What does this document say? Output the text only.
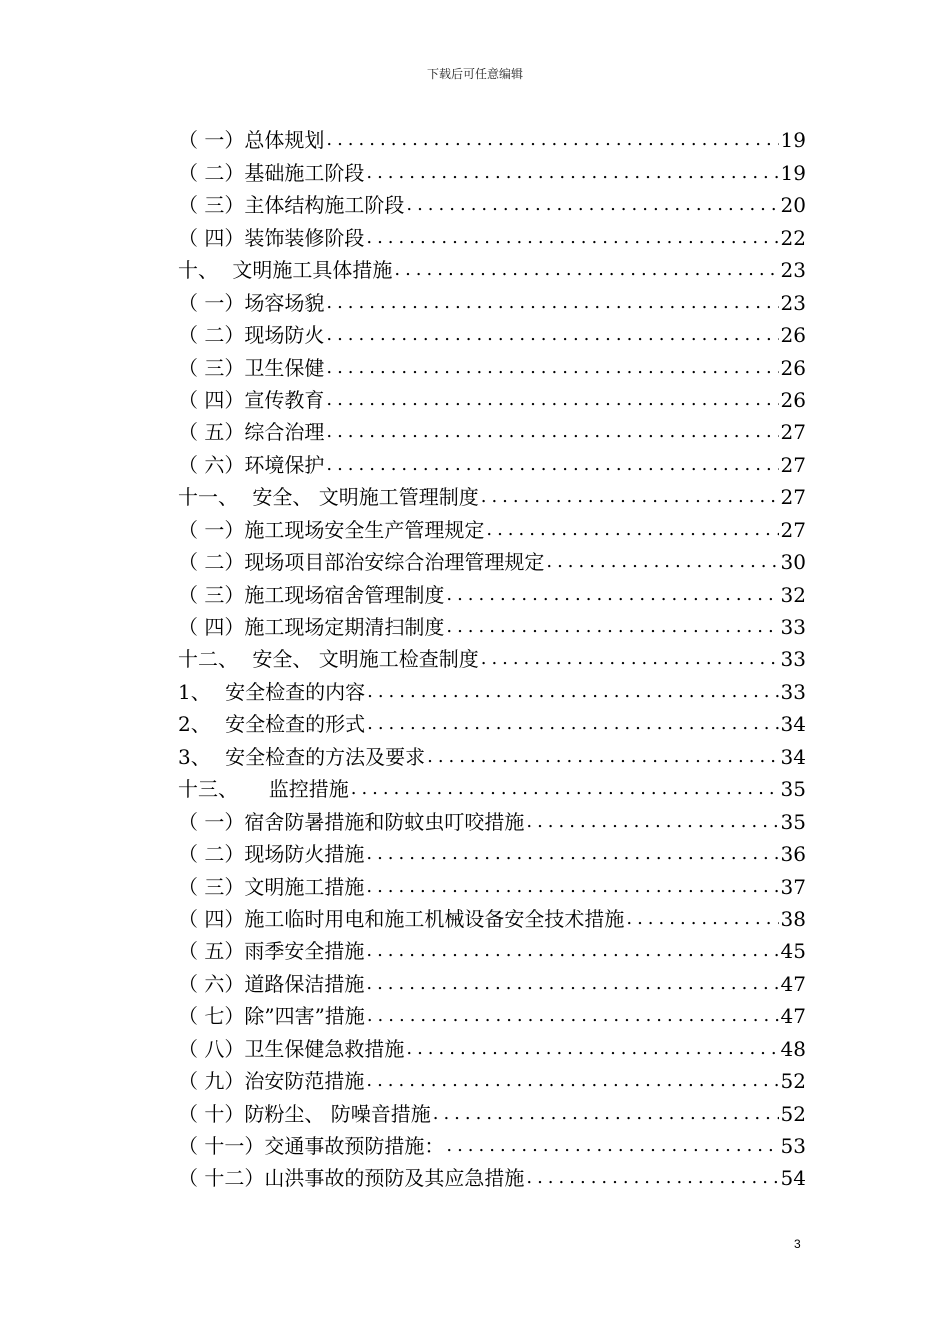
下载后可任意编辑
（ 一） 总体规划 .....	19
（ 二） 基础施工阶段 .....	19
（ 三） 主体结构施工阶段 .....	20
（ 四） 装饰装修阶段 .....	22
十、 文明施工具体措施 .....	23
（ 一） 场容场貌 .....	23
（ 二） 现场防火 .....	26
（ 三） 卫生保健 .....	26
（ 四） 宣传教育 .....	26
（ 五） 综合治理 .....	27
（ 六） 环境保护 .....	27
十一、 安全、 文明施工管理制度 .....	27
（ 一） 施工现场安全生产管理规定 .....	27
（ 二） 现场项目部治安综合治理管理规定 .....	30
（ 三） 施工现场宿舍管理制度 .....	32
（ 四） 施工现场定期清扫制度 .....	33
十二、 安全、 文明施工检查制度 .....	33
1、 安全检查的内容 .....	33
2、 安全检查的形式 .....	34
3、 安全检查的方法及要求 .....	34
十三、 监控措施 .....	35
（ 一） 宿舍防暑措施和防蚊虫叮咬措施 .....	35
（ 二） 现场防火措施 .....	36
（ 三） 文明施工措施 .....	37
（ 四） 施工临时用电和施工机械设备安全技术措施 .....	38
（ 五） 雨季安全措施 .....	45
（ 六） 道路保洁措施 .....	47
（ 七） 除”四害”措施 .....	47
（ 八） 卫生保健急救措施 .....	48
（ 九） 治安防范措施 .....	52
（ 十） 防粉尘、 防噪音措施 .....	52
（ 十一） 交通事故预防措施： .....	53
（ 十二） 山洪事故的预防及其应急措施 .....	54
3
